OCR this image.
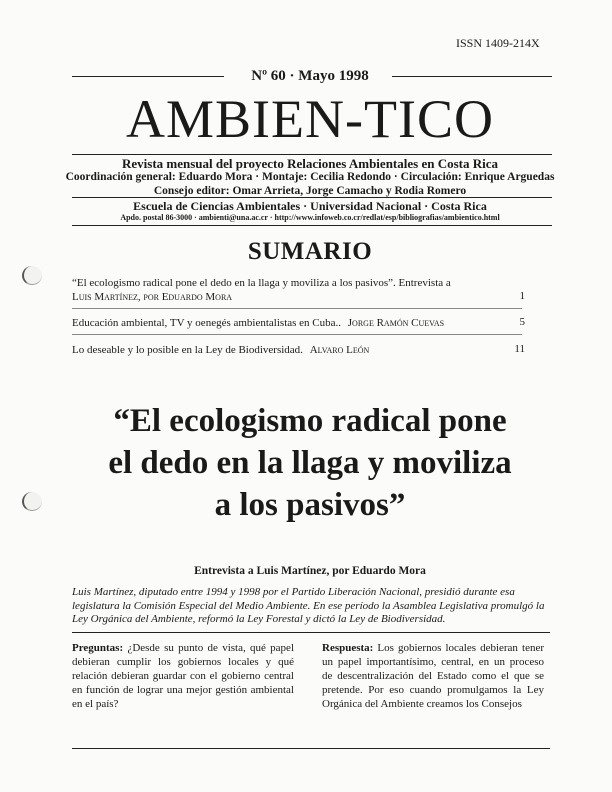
ISSN 1409-214X
Nº 60 · Mayo 1998
AMBIEN-TICO
Revista mensual del proyecto Relaciones Ambientales en Costa Rica
Coordinación general: Eduardo Mora · Montaje: Cecilia Redondo · Circulación: Enrique Arguedas
Consejo editor: Omar Arrieta, Jorge Camacho y Rodia Romero
Escuela de Ciencias Ambientales · Universidad Nacional · Costa Rica
Apdo. postal 86-3000 · ambienti@una.ac.cr · http://www.infoweb.co.cr/redlat/esp/bibliografias/ambientico.html
SUMARIO
“El ecologismo radical pone el dedo en la llaga y moviliza a los pasivos”. Entrevista a
Luis Martínez, por Eduardo Mora	1
Educación ambiental, TV y oenegés ambientalistas en Cuba.. Jorge Ramón Cuevas	5
Lo deseable y lo posible en la Ley de Biodiversidad. Alvaro León	11
“El ecologismo radical pone
el dedo en la llaga y moviliza
a los pasivos”
Entrevista a Luis Martínez, por Eduardo Mora
Luis Martínez, diputado entre 1994 y 1998 por el Partido Liberación Nacional, presidió durante esa legislatura la Comisión Especial del Medio Ambiente. En ese período la Asamblea Legislativa promulgó la Ley Orgánica del Ambiente, reformó la Ley Forestal y dictó la Ley de Biodiversidad.
Preguntas: ¿Desde su punto de vista, qué papel debieran cumplir los gobiernos locales y qué relación debieran guardar con el gobierno central en función de lograr una mejor gestión ambiental en el país?
Respuesta: Los gobiernos locales debieran tener un papel importantísimo, central, en un proceso de descentralización del Estado como el que se pretende. Por eso cuando promulgamos la Ley Orgánica del Ambiente creamos los Consejos
